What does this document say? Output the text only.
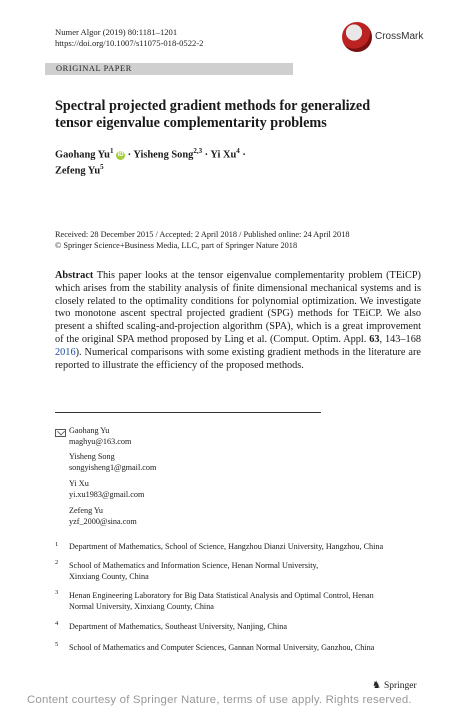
Numer Algor (2019) 80:1181–1201
https://doi.org/10.1007/s11075-018-0522-2
CrossMark
ORIGINAL PAPER
Spectral projected gradient methods for generalized
tensor eigenvalue complementarity problems
Gaohang Yu$^1$ iD · Yisheng Song$^{2,3}$ · Yi $Xu^4$ ·
Zefeng Yu$^5$
Received: 28 December 2015 / Accepted: 2 April 2018 / Published online: 24 April 2018
© Springer Science+Business Media, LLC, part of Springer Nature 2018
Abstract This paper looks at the tensor eigenvalue complementarity problem (TEiCP) which arises from the stability analysis of finite dimensional mechanical systems and is closely related to the optimality conditions for polynomial optimization. We investigate two monotone ascent spectral projected gradient (SPG) methods for TEiCP. We also present a shifted scaling-and-projection algorithm (SPA), which is a great improvement of the original SPA method proposed by Ling et al. (Comput. Optim. Appl. 63, 143–168 2016). Numerical comparisons with some existing gradient methods in the literature are reported to illustrate the efficiency of the proposed methods.
Gaohang Yu
maghyu@163.com
Yisheng Song
songyisheng1@gmail.com
Yi Xu
yi.xu1983@gmail.com
Zefeng Yu
yzf_2000@sina.com
1 Department of Mathematics, School of Science, Hangzhou Dianzi University, Hangzhou, China
2 School of Mathematics and Information Science, Henan Normal University,
Xinxiang County, China
3 Henan Engineering Laboratory for Big Data Statistical Analysis and Optimal Control, Henan
Normal University, Xinxiang County, China
4 Department of Mathematics, Southeast University, Nanjing, China
5 School of Mathematics and Computer Sciences, Gannan Normal University, Ganzhou, China
♞ Springer
Content courtesy of Springer Nature, terms of use apply. Rights reserved.
